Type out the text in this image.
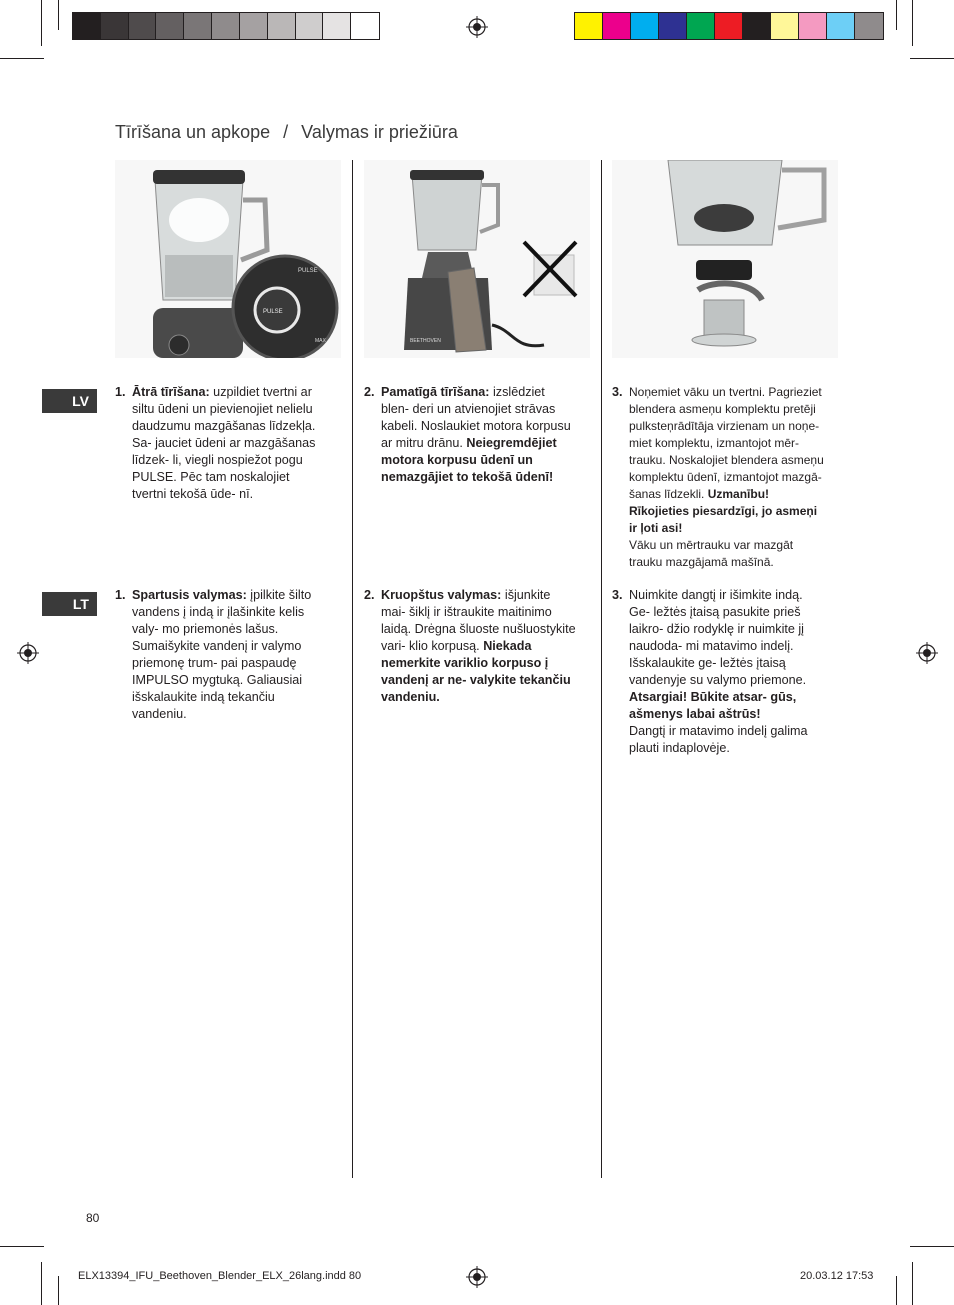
Tīrīšana un apkope / Valymas ir priežiūra
PULSE
PULSE
MAX	BEETHOVEN
LV
LT
1. Ātrā tīrīšana: uzpildiet tvertni ar siltu ūdeni un pievienojiet nelielu daudzumu mazgāšanas līdzekļa. Sa- jauciet ūdeni ar mazgāšanas līdzek- li, viegli nospiežot pogu PULSE. Pēc tam noskalojiet tvertni tekošā ūde- nī.
2. Pamatīgā tīrīšana: izslēdziet blen- deri un atvienojiet strāvas kabeli. Noslaukiet motora korpusu ar mitru drānu. Neiegremdējiet motora korpusu ūdenī un nemazgājiet to tekošā ūdenī!
3. Noņemiet vāku un tvertni. Pagrieziet blendera asmeņu komplektu pretēji pulksteņrādītāja virzienam un noņe- miet komplektu, izmantojot mēr- trauku. Noskalojiet blendera asmeņu komplektu ūdenī, izmantojot mazgā- šanas līdzekli. Uzmanību! Rīkojieties piesardzīgi, jo asmeņi ir ļoti asi!
Vāku un mērtrauku var mazgāt trauku mazgājamā mašīnā.
1. Spartusis valymas: įpilkite šilto vandens į indą ir įlašinkite kelis valy- mo priemonės lašus. Sumaišykite vandenį ir valymo priemonę trum- pai paspaudę IMPULSO mygtuką. Galiausiai išskalaukite indą tekančiu vandeniu.
2. Kruopštus valymas: išjunkite mai- šiklį ir ištraukite maitinimo laidą. Drėgna šluoste nušluostykite vari- klio korpusą. Niekada nemerkite variklio korpuso į vandenį ar ne- valykite tekančiu vandeniu.
3. Nuimkite dangtį ir išimkite indą. Ge- ležtės įtaisą pasukite prieš laikro- džio rodyklę ir nuimkite jį naudoda- mi matavimo indelį. Išskalaukite ge- ležtės įtaisą vandenyje su valymo priemone. Atsargiai! Būkite atsar- gūs, ašmenys labai aštrūs!
Dangtį ir matavimo indelį galima plauti indaplovėje.
80
ELX13394_IFU_Beethoven_Blender_ELX_26lang.indd 80	20.03.12 17:53
